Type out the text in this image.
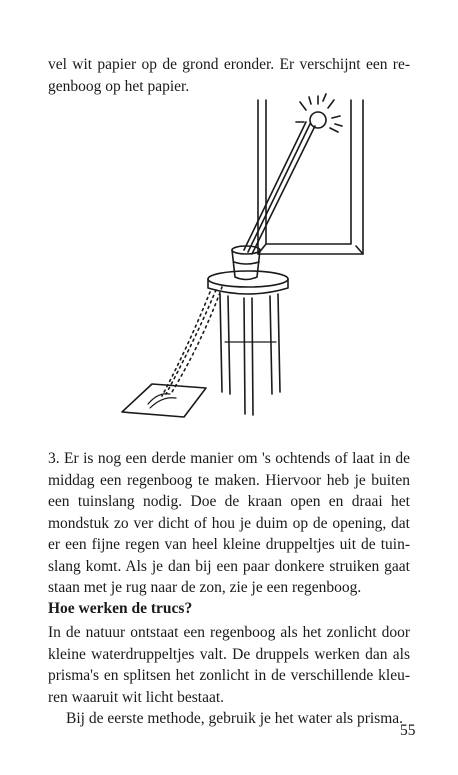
vel wit papier op de grond eronder. Er verschijnt een re-
genboog op het papier.
3. Er is nog een derde manier om 's ochtends of laat in de
middag een regenboog te maken. Hiervoor heb je buiten
een tuinslang nodig. Doe de kraan open en draai het
mondstuk zo ver dicht of hou je duim op de opening, dat
er een fijne regen van heel kleine druppeltjes uit de tuin-
slang komt. Als je dan bij een paar donkere struiken gaat
staan met je rug naar de zon, zie je een regenboog.
Hoe werken de trucs?
In de natuur ontstaat een regenboog als het zonlicht door
kleine waterdruppeltjes valt. De druppels werken dan als
prisma's en splitsen het zonlicht in de verschillende kleu-
ren waaruit wit licht bestaat.
Bij de eerste methode, gebruik je het water als prisma.
55
